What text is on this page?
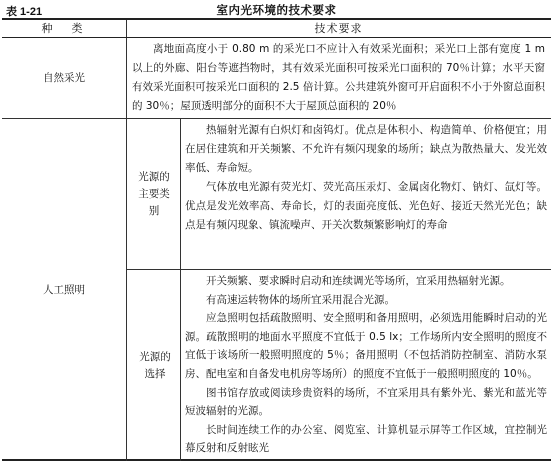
表 1-21	室内光环境的技术要求
种　类	技术要求
自然采光

离地面高度小于 0.80 m 的采光口不应计入有效采光面积；采光口上部有宽度 1 m以上的外廊、阳台等遮挡物时，其有效采光面积可按采光口面积的 70％计算；水平天窗有效采光面积可按采光口面积的 2.5 倍计算。公共建筑外窗可开启面积不小于外窗总面积的 30％；屋顶透明部分的面积不大于屋顶总面积的 20％

人工照明
光源的主要类别

热辐射光源有白炽灯和卤钨灯。优点是体积小、构造简单、价格便宜；用在居住建筑和开关频繁、不允许有频闪现象的场所；缺点为散热量大、发光效率低、寿命短。

气体放电光源有荧光灯、荧光高压汞灯、金属卤化物灯、钠灯、氙灯等。优点是发光效率高、寿命长，灯的表面亮度低、光色好、接近天然光光色；缺点是有频闪现象、镇流噪声、开关次数频繁影响灯的寿命

光源的选择

开关频繁、要求瞬时启动和连续调光等场所，宜采用热辐射光源。

有高速运转物体的场所宜采用混合光源。

应急照明包括疏散照明、安全照明和备用照明，必须选用能瞬时启动的光源。疏散照明的地面水平照度不宜低于 0.5 lx；工作场所内安全照明的照度不宜低于该场所一般照明照度的 5％；备用照明（不包括消防控制室、消防水泵房、配电室和自备发电机房等场所）的照度不宜低于一般照明照度的 10％。

图书馆存放或阅读珍贵资料的场所，不宜采用具有紫外光、紫光和蓝光等短波辐射的光源。

长时间连续工作的办公室、阅览室、计算机显示屏等工作区域，宜控制光幕反射和反射眩光
